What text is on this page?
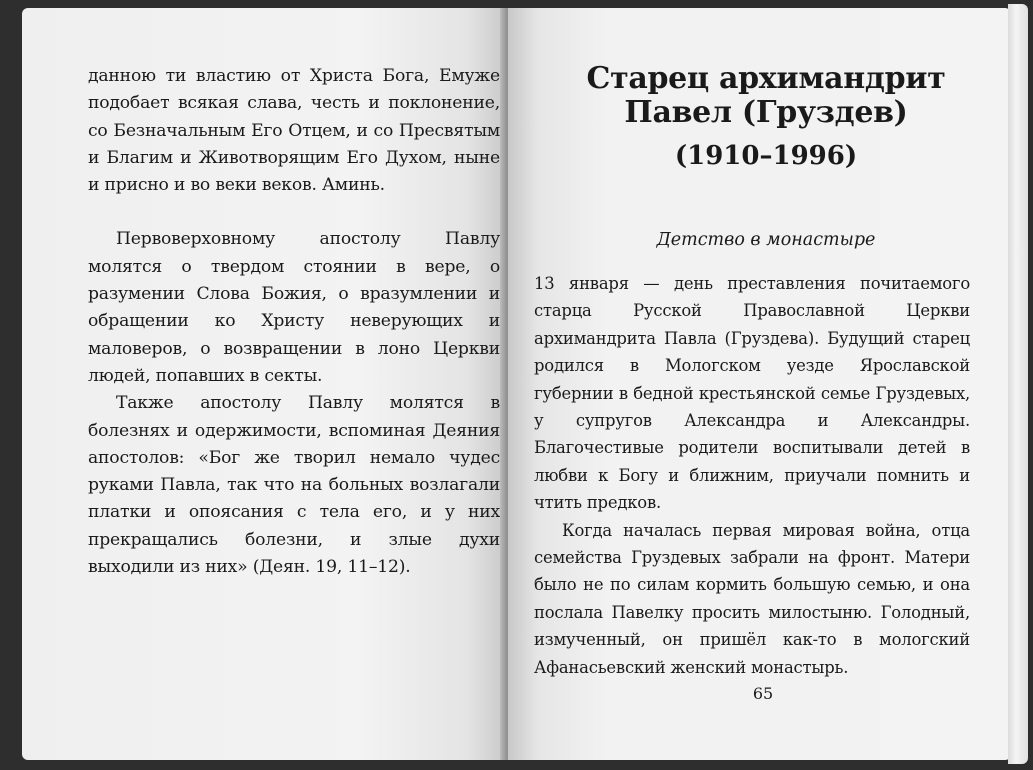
данною ти властию от Христа Бога, Емуже подобает всякая слава, честь и поклонение, со Безначальным Его Отцем, и со Пресвятым и Благим и Животворящим Его Духом, ныне и присно и во веки веков. Аминь.

Первоверховному апостолу Павлу молятся о твердом стоянии в вере, о разумении Слова Божия, о вразумлении и обращении ко Христу неверующих и маловеров, о возвращении в лоно Церкви людей, попавших в секты.

Также апостолу Павлу молятся в болезнях и одержимости, вспоминая Деяния апостолов: «Бог же творил немало чудес руками Павла, так что на больных возлагали платки и опоясания с тела его, и у них прекращались болезни, и злые духи выходили из них» (Деян. 19, 11–12).

Старец архимандрит Павел (Груздев)
(1910–1996)
Детство в монастыре

13 января — день преставления почитаемого старца Русской Православной Церкви архимандрита Павла (Груздева). Будущий старец родился в Мологском уезде Ярославской губернии в бедной крестьянской семье Груздевых, у супругов Александра и Александры. Благочестивые родители воспитывали детей в любви к Богу и ближним, приучали помнить и чтить предков.

Когда началась первая мировая война, отца семейства Груздевых забрали на фронт. Матери было не по силам кормить большую семью, и она послала Павелку просить милостыню. Голодный, измученный, он пришёл как-то в мологский Афанасьевский женский монастырь.

65
